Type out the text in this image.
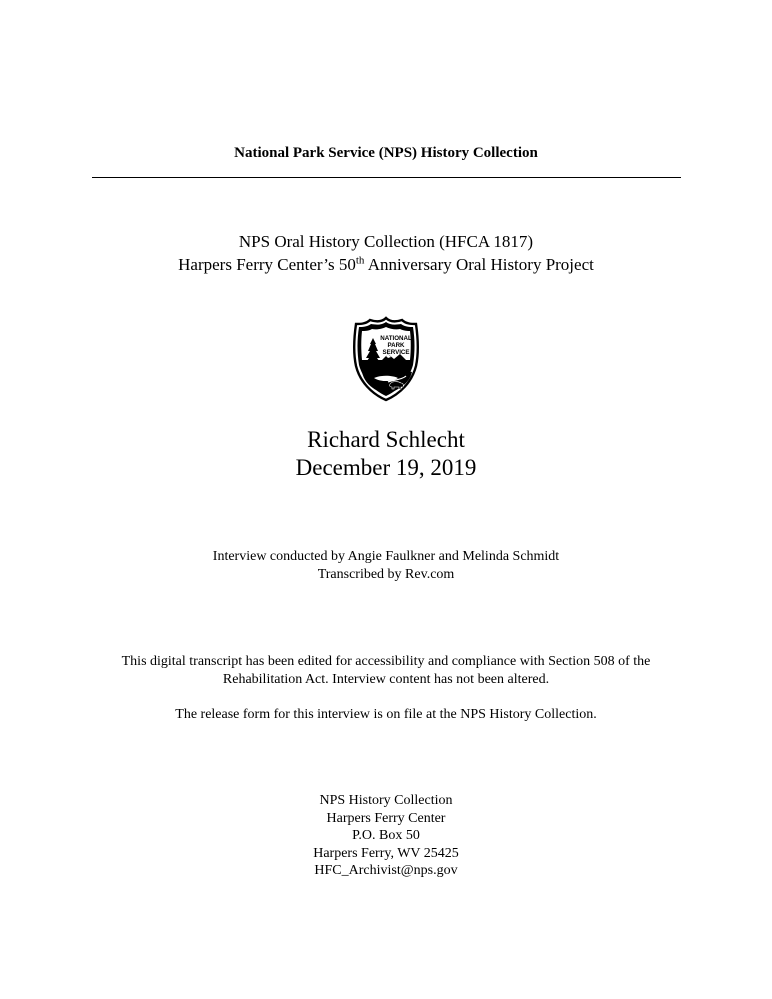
National Park Service (NPS) History Collection
NPS Oral History Collection (HFCA 1817)
Harpers Ferry Center’s 50th Anniversary Oral History Project
NATIONAL
PARK
SERVICE
Richard Schlecht
December 19, 2019
Interview conducted by Angie Faulkner and Melinda Schmidt
Transcribed by Rev.com
This digital transcript has been edited for accessibility and compliance with Section 508 of the
Rehabilitation Act. Interview content has not been altered.
The release form for this interview is on file at the NPS History Collection.
NPS History Collection
Harpers Ferry Center
P.O. Box 50
Harpers Ferry, WV 25425
HFC_Archivist@nps.gov
